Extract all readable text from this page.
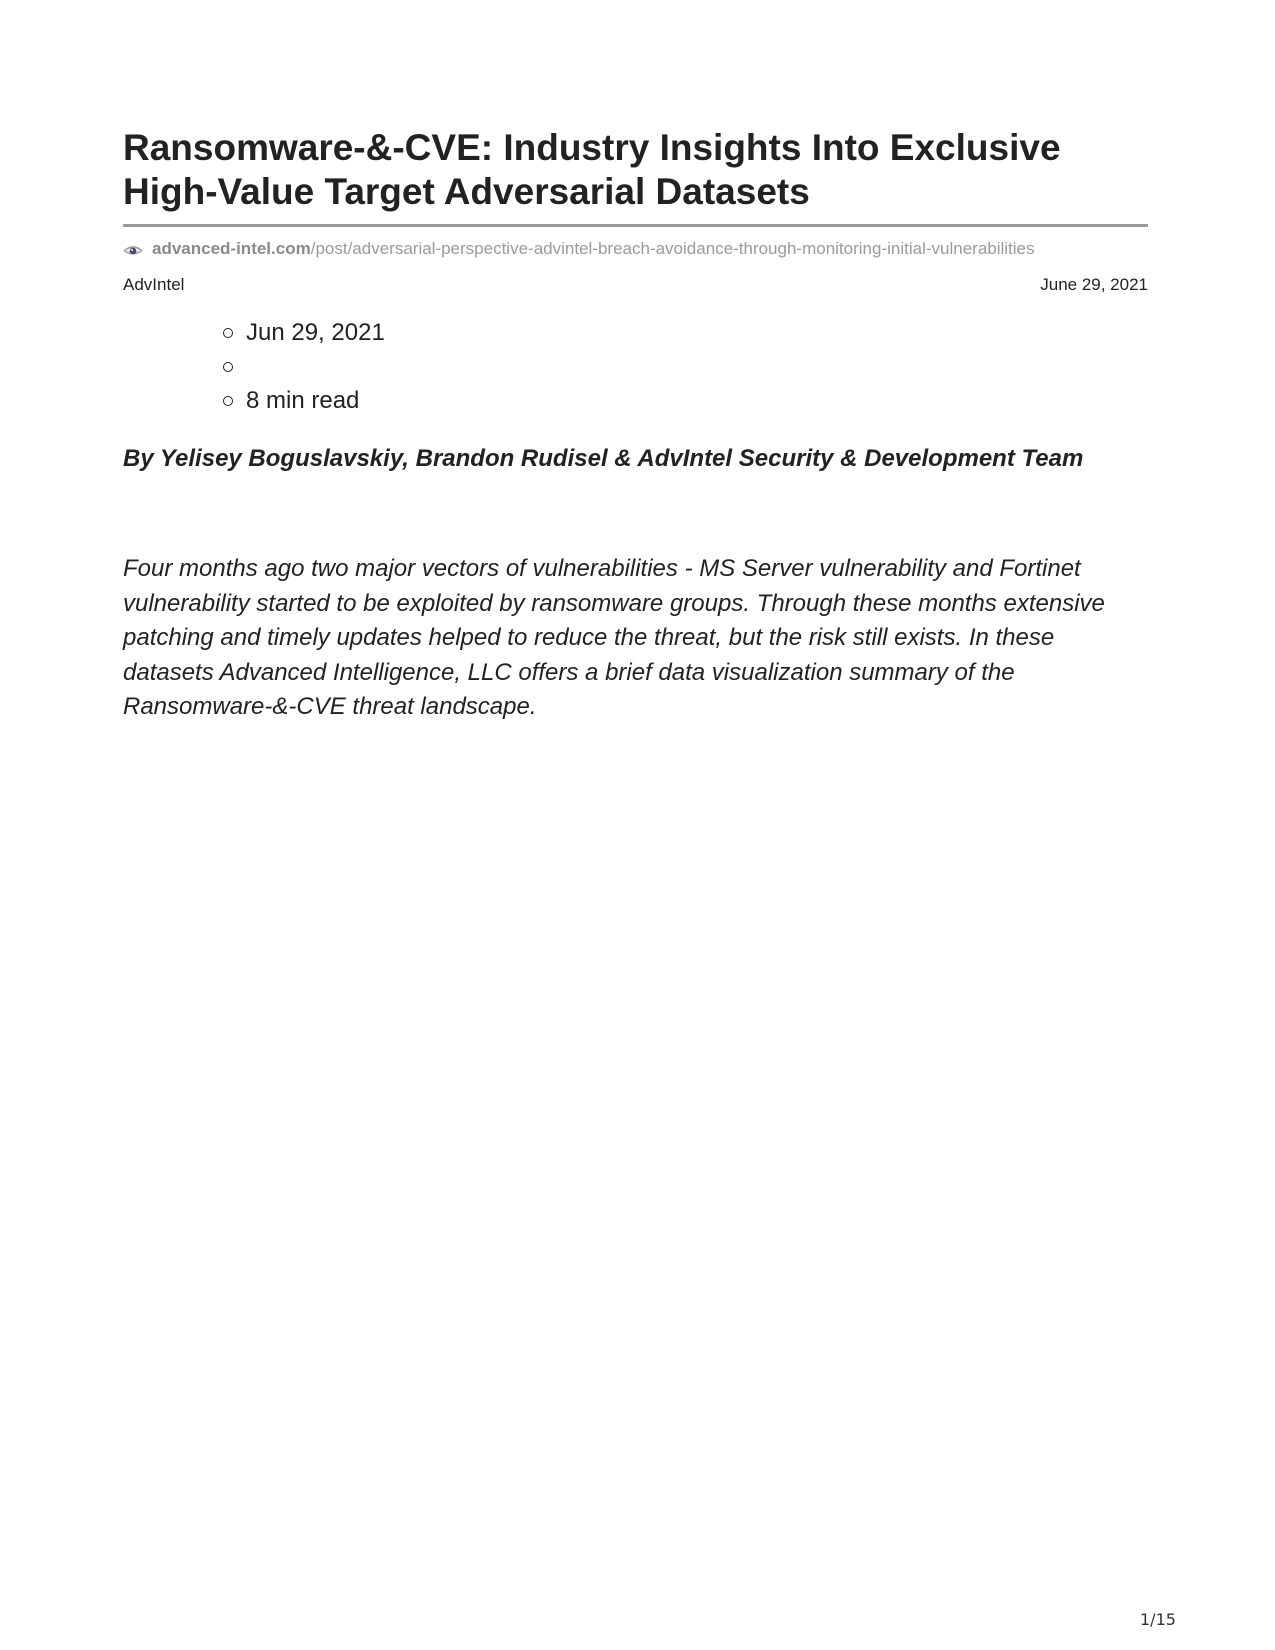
Ransomware-&-CVE: Industry Insights Into Exclusive High-Value Target Adversarial Datasets
advanced-intel.com /post/adversarial-perspective-advintel-breach-avoidance-through-monitoring-initial-vulnerabilities
AdvIntel	June 29, 2021
Jun 29, 2021
8 min read

By Yelisey Boguslavskiy, Brandon Rudisel & AdvIntel Security & Development Team

Four months ago two major vectors of vulnerabilities - MS Server vulnerability and Fortinet vulnerability started to be exploited by ransomware groups. Through these months extensive patching and timely updates helped to reduce the threat, but the risk still exists. In these datasets Advanced Intelligence, LLC offers a brief data visualization summary of the Ransomware-&-CVE threat landscape.

1/15
